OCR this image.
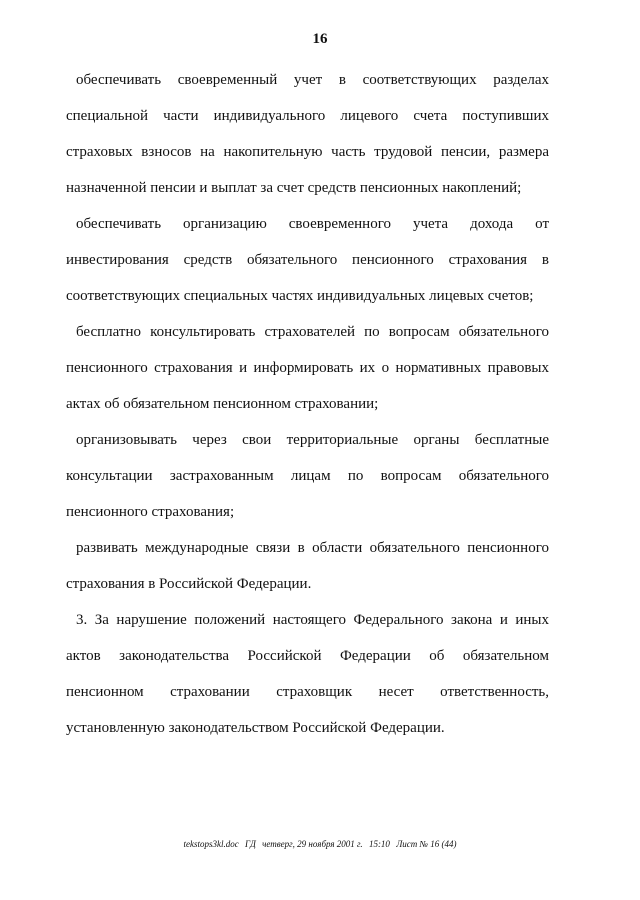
16

обеспечивать своевременный учет в соответствующих разделах специальной части индивидуального лицевого счета поступивших страховых взносов на накопительную часть трудовой пенсии, размера назначенной пенсии и выплат за счет средств пенсионных накоплений;

обеспечивать организацию своевременного учета дохода от инвестирования средств обязательного пенсионного страхования в соответствующих специальных частях индивидуальных лицевых счетов;

бесплатно консультировать страхователей по вопросам обязательного пенсионного страхования и информировать их о нормативных правовых актах об обязательном пенсионном страховании;

организовывать через свои территориальные органы бесплатные консультации застрахованным лицам по вопросам обязательного пенсионного страхования;

развивать международные связи в области обязательного пенсионного страхования в Российской Федерации.

3. За нарушение положений настоящего Федерального закона и иных актов законодательства Российской Федерации об обязательном пенсионном страховании страховщик несет ответственность, установленную законодательством Российской Федерации.

tekstops3kl.doc ГД четверг, 29 ноября 2001 г. 15:10 Лист № 16 (44)
